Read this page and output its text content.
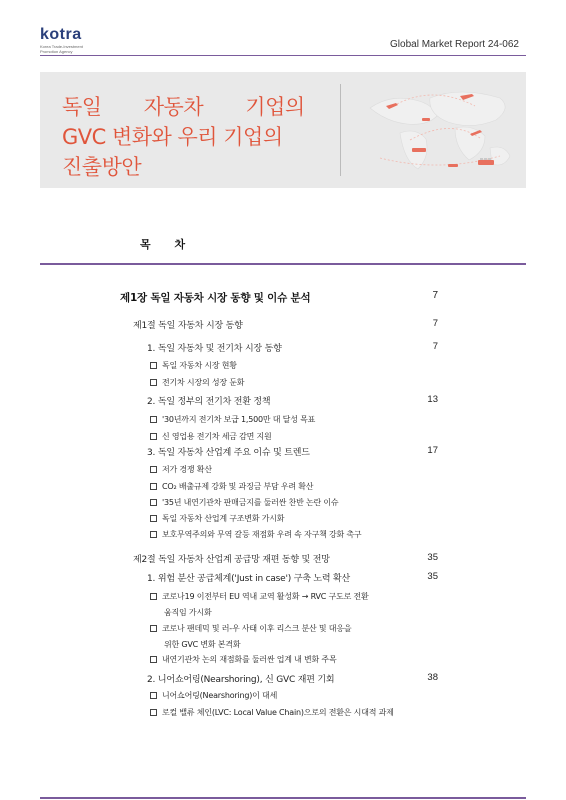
kotra
Korea Trade-Investment Promotion Agency
Global Market Report 24-062
독일 자동차 기업의
GVC 변화와 우리 기업의
진출방안
목 차
제1장 독일 자동차 시장 동향 및 이슈 분석	7
제1절 독일 자동차 시장 동향	7
1. 독일 자동차 및 전기차 시장 동향	7
독일 자동차 시장 현황
전기차 시장의 성장 둔화
2. 독일 정부의 전기차 전환 정책	13
'30년까지 전기차 보급 1,500만 대 달성 목표
신 영업용 전기차 세금 감면 지원
3. 독일 자동차 산업계 주요 이슈 및 트렌드	17
저가 경쟁 확산
CO₂ 배출규제 강화 및 과징금 부담 우려 확산
'35년 내연기관차 판매금지를 둘러싼 찬반 논란 이슈
독일 자동차 산업계 구조변화 가시화
보호무역주의와 무역 갈등 재점화 우려 속 자구책 강화 촉구
제2절 독일 자동차 산업계 공급망 재편 동향 및 전망	35
1. 위험 분산 공급체계('Just in case') 구축 노력 확산	35
코로나19 이전부터 EU 역내 교역 활성화 → RVC 구도로 전환
움직임 가시화
코로나 팬데믹 및 러-우 사태 이후 리스크 분산 및 대응을
위한 GVC 변화 본격화
내연기관차 논의 재점화를 둘러싼 업계 내 변화 주목
2. 니어쇼어링(Nearshoring), 신 GVC 재편 기회	38
니어쇼어링(Nearshoring)이 대세
로컬 밸류 체인(LVC: Local Value Chain)으로의 전환은 시대적 과제
